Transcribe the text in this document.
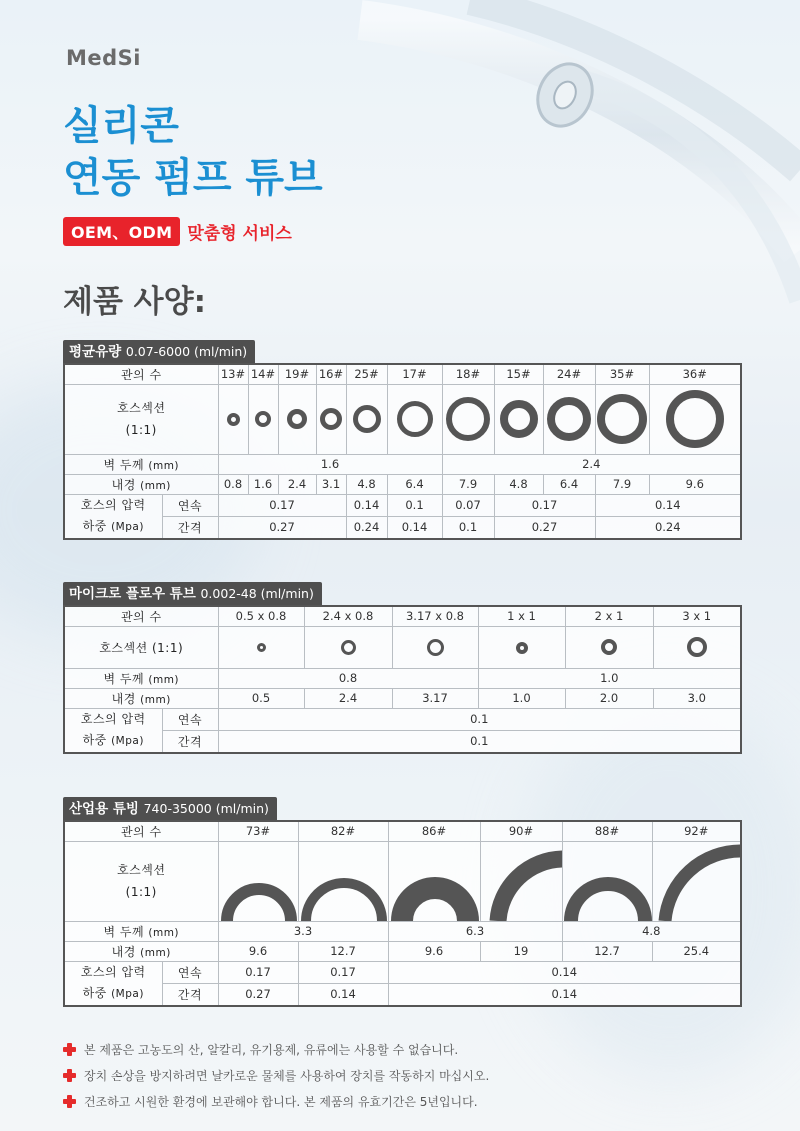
MedSi
실리콘
연동 펌프 튜브
OEM、ODM 맞춤형 서비스
제품 사양:
평균유량 0.07-6000 (ml/min)
관의 수		13#	14#	19#	16#	25#	17#	18#	15#	24#	35#	36#

호스섹션
(1:1)												

벽 두께 (mm)		1.6						2.4				
내경 (mm)		0.8	1.6	2.4	3.1	4.8	6.4	7.9	4.8	6.4	7.9	9.6

호스의 압력
하중 (Mpa)	연속	0.17				0.14	0.1	0.07	0.17		0.14	
	간격	0.27				0.24	0.14	0.1	0.27		0.24	
마이크로 플로우 튜브 0.002-48 (ml/min)
관의 수		0.5 x 0.8	2.4 x 0.8	3.17 x 0.8	1 x 1	2 x 1	3 x 1
호스섹션 (1:1)							
벽 두께 (mm)		0.8			1.0		
내경 (mm)		0.5	2.4	3.17	1.0	2.0	3.0

호스의 압력
하중 (Mpa)	연속	0.1					
	간격	0.1					
산업용 튜빙 740-35000 (ml/min)
관의 수		73#	82#	86#	90#	88#	92#

호스섹션
(1:1)

벽 두께 (mm)		3.3		6.3		4.8	
내경 (mm)		9.6	12.7	9.6	19	12.7	25.4

호스의 압력
하중 (Mpa)	연속	0.17	0.17	0.14			
	간격	0.27	0.14	0.14			
본 제품은 고농도의 산, 알칼리, 유기용제, 유류에는 사용할 수 없습니다.
장치 손상을 방지하려면 날카로운 물체를 사용하여 장치를 작동하지 마십시오.
건조하고 시원한 환경에 보관해야 합니다. 본 제품의 유효기간은 5년입니다.
